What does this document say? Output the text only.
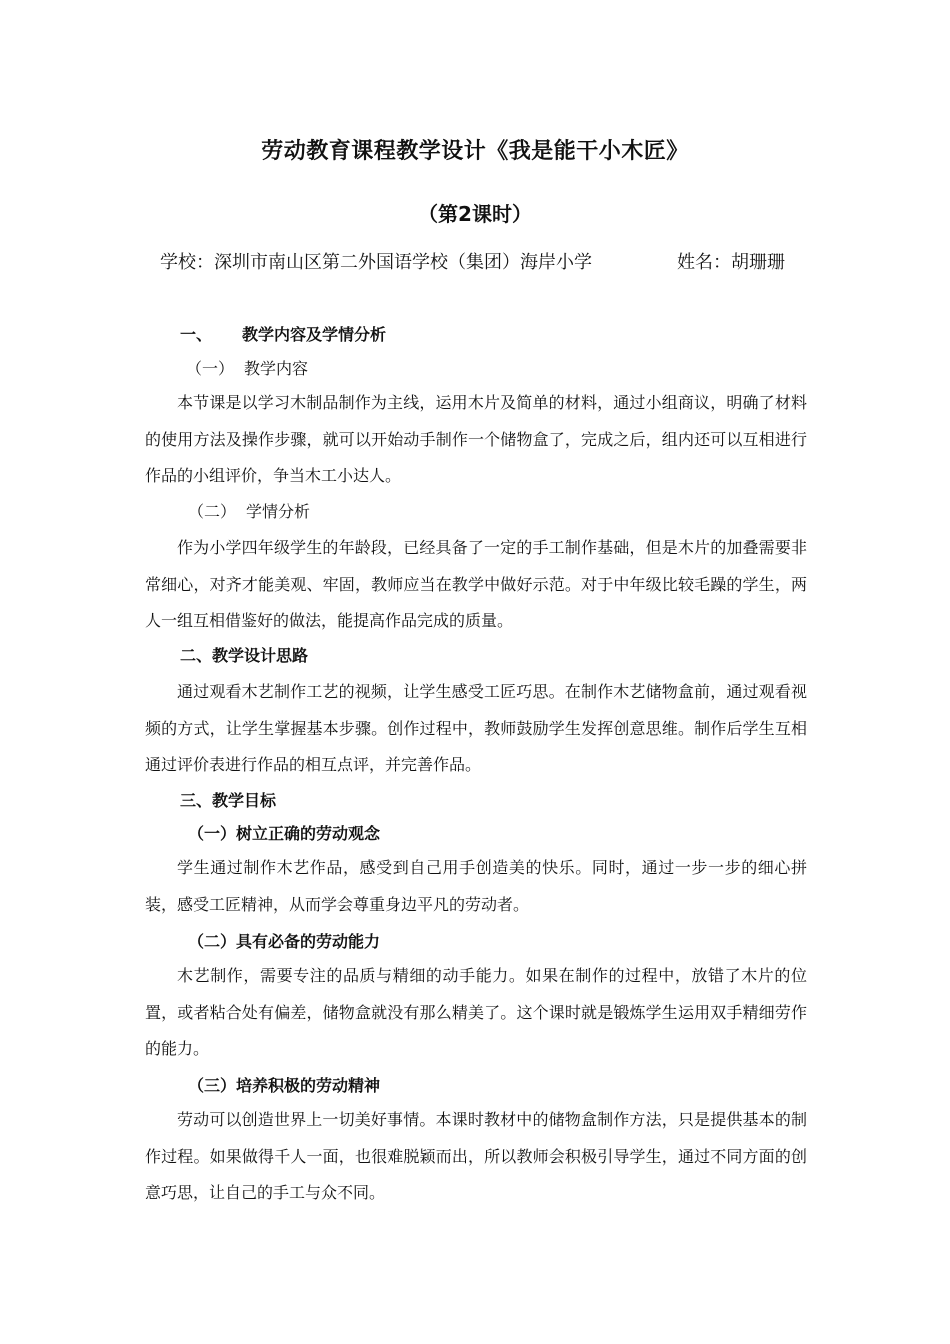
劳动教育课程教学设计《我是能干小木匠》
（第2课时）
学校：深圳市南山区第二外国语学校（集团）海岸小学	姓名：胡珊珊
一、 教学内容及学情分析
（一） 教学内容

本节课是以学习木制品制作为主线，运用木片及简单的材料，通过小组商议，明确了材料的使用方法及操作步骤，就可以开始动手制作一个储物盒了，完成之后，组内还可以互相进行作品的小组评价，争当木工小达人。

（二） 学情分析

作为小学四年级学生的年龄段，已经具备了一定的手工制作基础，但是木片的加叠需要非常细心，对齐才能美观、牢固，教师应当在教学中做好示范。对于中年级比较毛躁的学生，两人一组互相借鉴好的做法，能提高作品完成的质量。

二、教学设计思路

通过观看木艺制作工艺的视频，让学生感受工匠巧思。在制作木艺储物盒前，通过观看视频的方式，让学生掌握基本步骤。创作过程中，教师鼓励学生发挥创意思维。制作后学生互相通过评价表进行作品的相互点评，并完善作品。

三、教学目标
（一）树立正确的劳动观念

学生通过制作木艺作品，感受到自己用手创造美的快乐。同时，通过一步一步的细心拼装，感受工匠精神，从而学会尊重身边平凡的劳动者。

（二）具有必备的劳动能力

木艺制作，需要专注的品质与精细的动手能力。如果在制作的过程中，放错了木片的位置，或者粘合处有偏差，储物盒就没有那么精美了。这个课时就是锻炼学生运用双手精细劳作的能力。

（三）培养积极的劳动精神

劳动可以创造世界上一切美好事情。本课时教材中的储物盒制作方法，只是提供基本的制作过程。如果做得千人一面，也很难脱颖而出，所以教师会积极引导学生，通过不同方面的创意巧思，让自己的手工与众不同。
